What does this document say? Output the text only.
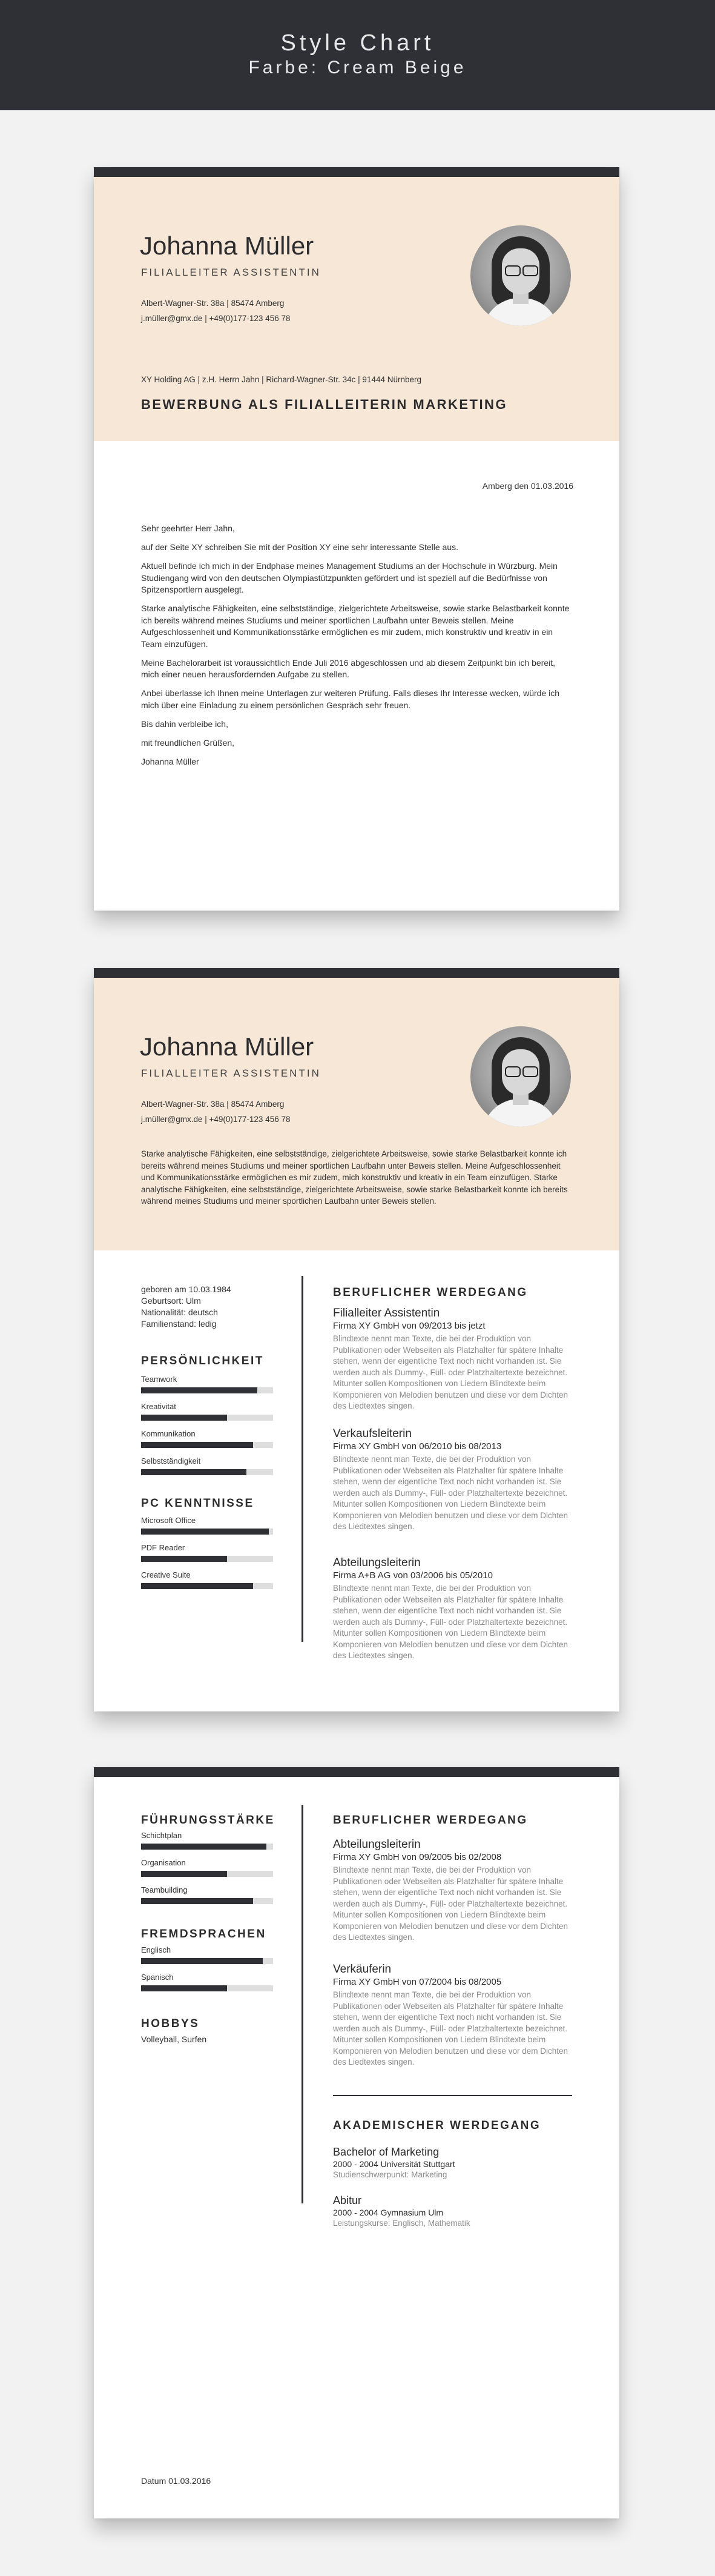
Style Chart
Farbe: Cream Beige
Johanna Müller
FILIALLEITER ASSISTENTIN
Albert-Wagner-Str. 38a | 85474 Amberg
j.müller@gmx.de | +49(0)177-123 456 78
XY Holding AG | z.H. Herrn Jahn | Richard-Wagner-Str. 34c | 91444 Nürnberg
BEWERBUNG ALS FILIALLEITERIN MARKETING
Amberg den 01.03.2016

Sehr geehrter Herr Jahn,

auf der Seite XY schreiben Sie mit der Position XY eine sehr interessante Stelle aus.

Aktuell befinde ich mich in der Endphase meines Management Studiums an der Hochschule in Würzburg. Mein Studiengang wird von den deutschen Olympiastützpunkten gefördert und ist speziell auf die Bedürfnisse von Spitzensportlern ausgelegt.

Starke analytische Fähigkeiten, eine selbstständige, zielgerichtete Arbeitsweise, sowie starke Belastbarkeit konnte ich bereits während meines Studiums und meiner sportlichen Laufbahn unter Beweis stellen. Meine Aufgeschlossenheit und Kommunikationsstärke ermöglichen es mir zudem, mich konstruktiv und kreativ in ein Team einzufügen.

Meine Bachelorarbeit ist voraussichtlich Ende Juli 2016 abgeschlossen und ab diesem Zeitpunkt bin ich bereit, mich einer neuen herausfordernden Aufgabe zu stellen.

Anbei überlasse ich Ihnen meine Unterlagen zur weiteren Prüfung. Falls dieses Ihr Interesse wecken, würde ich mich über eine Einladung zu einem persönlichen Gespräch sehr freuen.

Bis dahin verbleibe ich,

mit freundlichen Grüßen,

Johanna Müller

Johanna Müller
FILIALLEITER ASSISTENTIN
Albert-Wagner-Str. 38a | 85474 Amberg
j.müller@gmx.de | +49(0)177-123 456 78
Starke analytische Fähigkeiten, eine selbstständige, zielgerichtete Arbeitsweise, sowie starke Belastbarkeit konnte ich bereits während meines Studiums und meiner sportlichen Laufbahn unter Beweis stellen. Meine Aufgeschlossenheit und Kommunikationsstärke ermöglichen es mir zudem, mich konstruktiv und kreativ in ein Team einzufügen. Starke analytische Fähigkeiten, eine selbstständige, zielgerichtete Arbeitsweise, sowie starke Belastbarkeit konnte ich bereits während meines Studiums und meiner sportlichen Laufbahn unter Beweis stellen.
geboren am 10.03.1984
Geburtsort: Ulm
Nationalität: deutsch
Familienstand: ledig
PERSÖNLICHKEIT
Teamwork
Kreativität
Kommunikation
Selbstständigkeit
PC KENNTNISSE
Microsoft Office
PDF Reader
Creative Suite
BERUFLICHER WERDEGANG
Filialleiter Assistentin
Firma XY GmbH von 09/2013 bis jetzt
Blindtexte nennt man Texte, die bei der Produktion von Publikationen oder Webseiten als Platzhalter für spätere Inhalte stehen, wenn der eigentliche Text noch nicht vorhanden ist. Sie werden auch als Dummy-, Füll- oder Platzhaltertexte bezeichnet. Mitunter sollen Kompositionen von Liedern Blindtexte beim Komponieren von Melodien benutzen und diese vor dem Dichten des Liedtextes singen.
Verkaufsleiterin
Firma XY GmbH von 06/2010 bis 08/2013
Blindtexte nennt man Texte, die bei der Produktion von Publikationen oder Webseiten als Platzhalter für spätere Inhalte stehen, wenn der eigentliche Text noch nicht vorhanden ist. Sie werden auch als Dummy-, Füll- oder Platzhaltertexte bezeichnet. Mitunter sollen Kompositionen von Liedern Blindtexte beim Komponieren von Melodien benutzen und diese vor dem Dichten des Liedtextes singen.
Abteilungsleiterin
Firma A+B AG von 03/2006 bis 05/2010
Blindtexte nennt man Texte, die bei der Produktion von Publikationen oder Webseiten als Platzhalter für spätere Inhalte stehen, wenn der eigentliche Text noch nicht vorhanden ist. Sie werden auch als Dummy-, Füll- oder Platzhaltertexte bezeichnet. Mitunter sollen Kompositionen von Liedern Blindtexte beim Komponieren von Melodien benutzen und diese vor dem Dichten des Liedtextes singen.
FÜHRUNGSSTÄRKE
Schichtplan
Organisation
Teambuilding
FREMDSPRACHEN
Englisch
Spanisch
HOBBYS
Volleyball, Surfen
BERUFLICHER WERDEGANG
Abteilungsleiterin
Firma XY GmbH von 09/2005 bis 02/2008
Blindtexte nennt man Texte, die bei der Produktion von Publikationen oder Webseiten als Platzhalter für spätere Inhalte stehen, wenn der eigentliche Text noch nicht vorhanden ist. Sie werden auch als Dummy-, Füll- oder Platzhaltertexte bezeichnet. Mitunter sollen Kompositionen von Liedern Blindtexte beim Komponieren von Melodien benutzen und diese vor dem Dichten des Liedtextes singen.
Verkäuferin
Firma XY GmbH von 07/2004 bis 08/2005
Blindtexte nennt man Texte, die bei der Produktion von Publikationen oder Webseiten als Platzhalter für spätere Inhalte stehen, wenn der eigentliche Text noch nicht vorhanden ist. Sie werden auch als Dummy-, Füll- oder Platzhaltertexte bezeichnet. Mitunter sollen Kompositionen von Liedern Blindtexte beim Komponieren von Melodien benutzen und diese vor dem Dichten des Liedtextes singen.
AKADEMISCHER WERDEGANG
Bachelor of Marketing
2000 - 2004 Universität Stuttgart
Studienschwerpunkt: Marketing
Abitur
2000 - 2004 Gymnasium Ulm
Leistungskurse: Englisch, Mathematik
Datum 01.03.2016
